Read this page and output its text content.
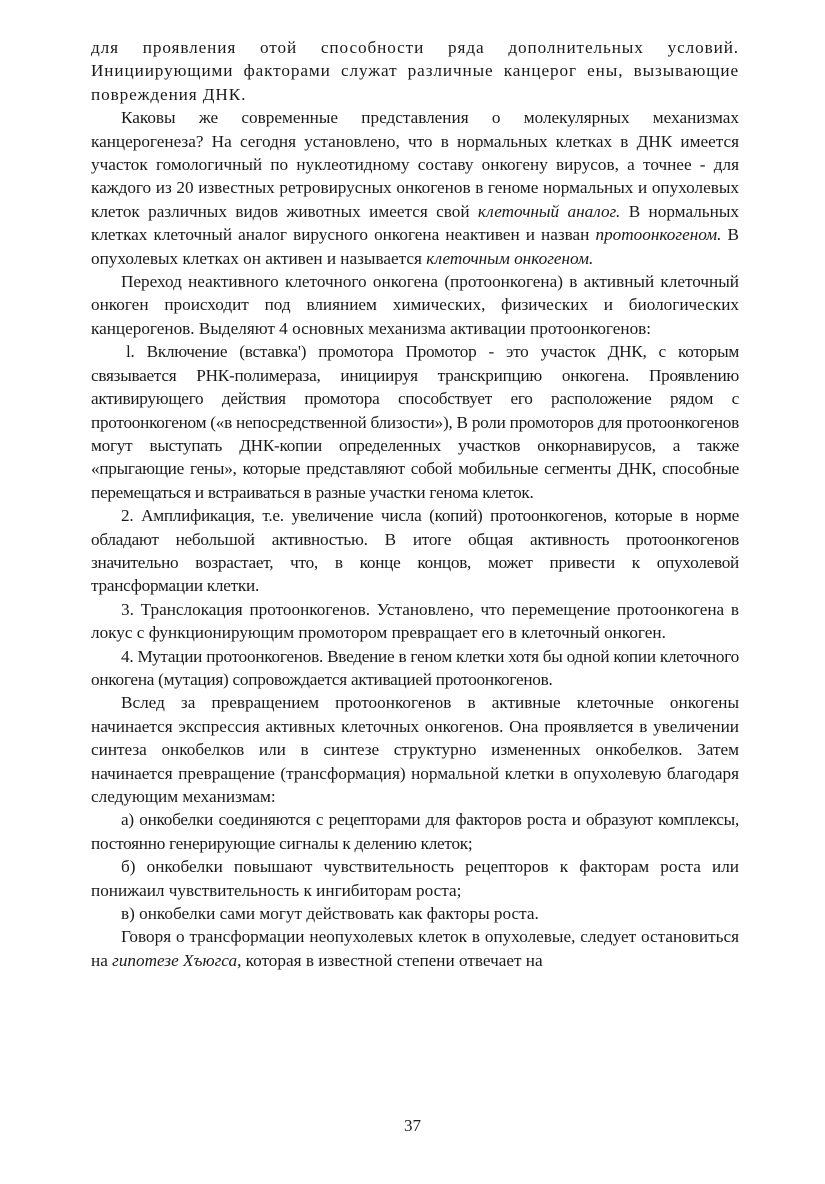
для проявления отой способности ряда дополнительных условий. Инициирующими факторами служат различные канцерог ены, вызывающие повреждения ДНК.

Каковы же современные представления о молекулярных механизмах канцерогенеза? На сегодня установлено, что в нормальных клетках в ДНК имеется участок гомологичный по нуклеотидному составу онкогену вирусов, а точнее - для каждого из 20 известных ретровирусных онкогенов в геноме нормальных и опухолевых клеток различных видов животных имеется свой клеточный аналог. В нормальных клетках клеточный аналог вирусного онкогена неактивен и назван протоонкогеном. В опухолевых клетках он активен и называется клеточным онкогеном.

Переход неактивного клеточного онкогена (протоонкогена) в активный клеточный онкоген происходит под влиянием химических, физических и биологических канцерогенов. Выделяют 4 основных механизма активации протоонкогенов:

l. Включение (вставка') промотора Промотор - это участок ДНК, с которым связывается РНК-полимераза, инициируя транскрипцию онкогена. Проявлению активирующего действия промотора способствует его расположение рядом с протоонкогеном («в непосредственной близости»), В роли промоторов для протоонкогенов могут выступать ДНК-копии определенных участков онкорнавирусов, а также «прыгающие гены», которые представляют собой мобильные сегменты ДНК, способные перемещаться и встраиваться в разные участки генома клеток.

2. Амплификация, т.е. увеличение числа (копий) протоонкогенов, которые в норме обладают небольшой активностью. В итоге общая активность протоонкогенов значительно возрастает, что, в конце концов, может привести к опухолевой трансформации клетки.

3. Транслокация протоонкогенов. Установлено, что перемещение протоонкогена в локус с функционирующим промотором превращает его в клеточный онкоген.

4. Мутации протоонкогенов. Введение в геном клетки хотя бы одной копии клеточного онкогена (мутация) сопровождается активацией протоонкогенов.

Вслед за превращением протоонкогенов в активные клеточные онкогены начинается экспрессия активных клеточных онкогенов. Она проявляется в увеличении синтеза онкобелков или в синтезе структурно измененных онкобелков. Затем начинается превращение (трансформация) нормальной клетки в опухолевую благодаря следующим механизмам:

а) онкобелки соединяются с рецепторами для факторов роста и образуют комплексы, постоянно генерирующие сигналы к делению клеток;

б) онкобелки повышают чувствительность рецепторов к факторам роста или понижаил чувствительность к ингибиторам роста;

в) онкобелки сами могут действовать как факторы роста.

Говоря о трансформации неопухолевых клеток в опухолевые, следует остановиться на гипотезе Хъюгса, которая в известной степени отвечает на

37
